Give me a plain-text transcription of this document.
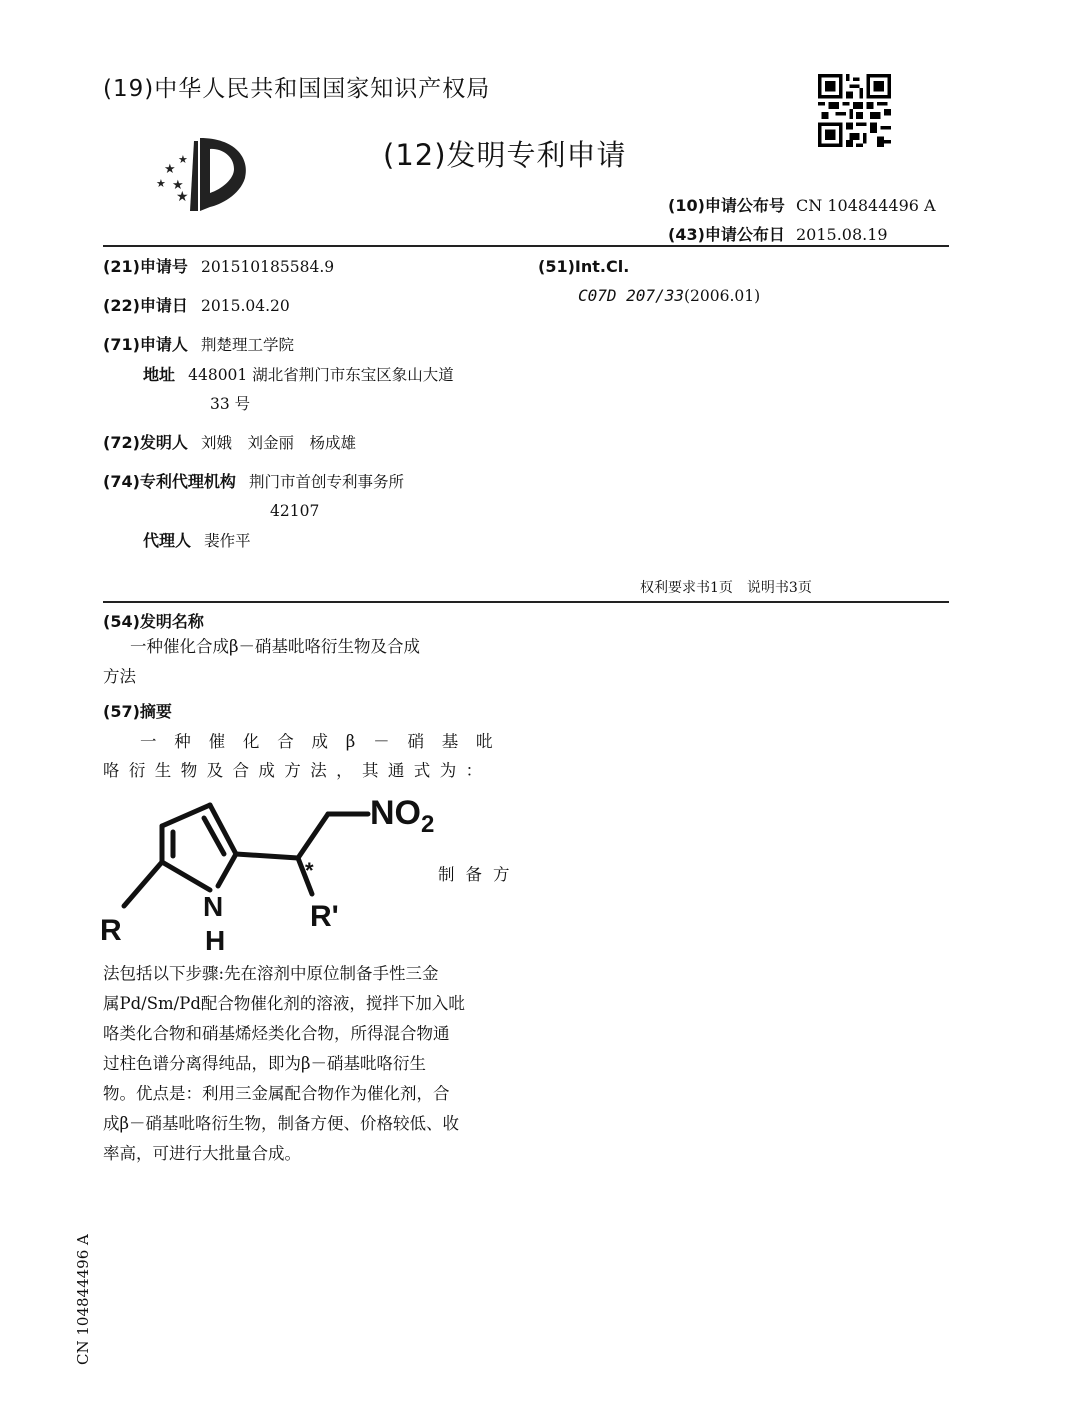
(19)中华人民共和国国家知识产权局
★
★
★
★
★
(12)发明专利申请
(10)申请公布号 CN 104844496 A
(43)申请公布日 2015.08.19
(21)申请号 201510185584.9
(22)申请日 2015.04.20
(71)申请人 荆楚理工学院
地址 448001 湖北省荆门市东宝区象山大道
33 号
(72)发明人 刘娥　刘金丽　杨成雄
(74)专利代理机构 荆门市首创专利事务所
42107
代理人 裴作平
(51)Int.Cl.
C07D 207/33(2006.01)
权利要求书1页　说明书3页
(54)发明名称
一种催化合成β－硝基吡咯衍生物及合成
方法
(57)摘要
一种催化合成β－硝基吡
咯衍生物及合成方法，其通式为：
$NO_2$
N
H
R	R'
*	制备方
法包括以下步骤:先在溶剂中原位制备手性三金
属Pd/Sm/Pd配合物催化剂的溶液，搅拌下加入吡
咯类化合物和硝基烯烃类化合物，所得混合物通
过柱色谱分离得纯品，即为β－硝基吡咯衍生
物。优点是：利用三金属配合物作为催化剂，合
成β－硝基吡咯衍生物，制备方便、价格较低、收
率高，可进行大批量合成。
CN 104844496 A
